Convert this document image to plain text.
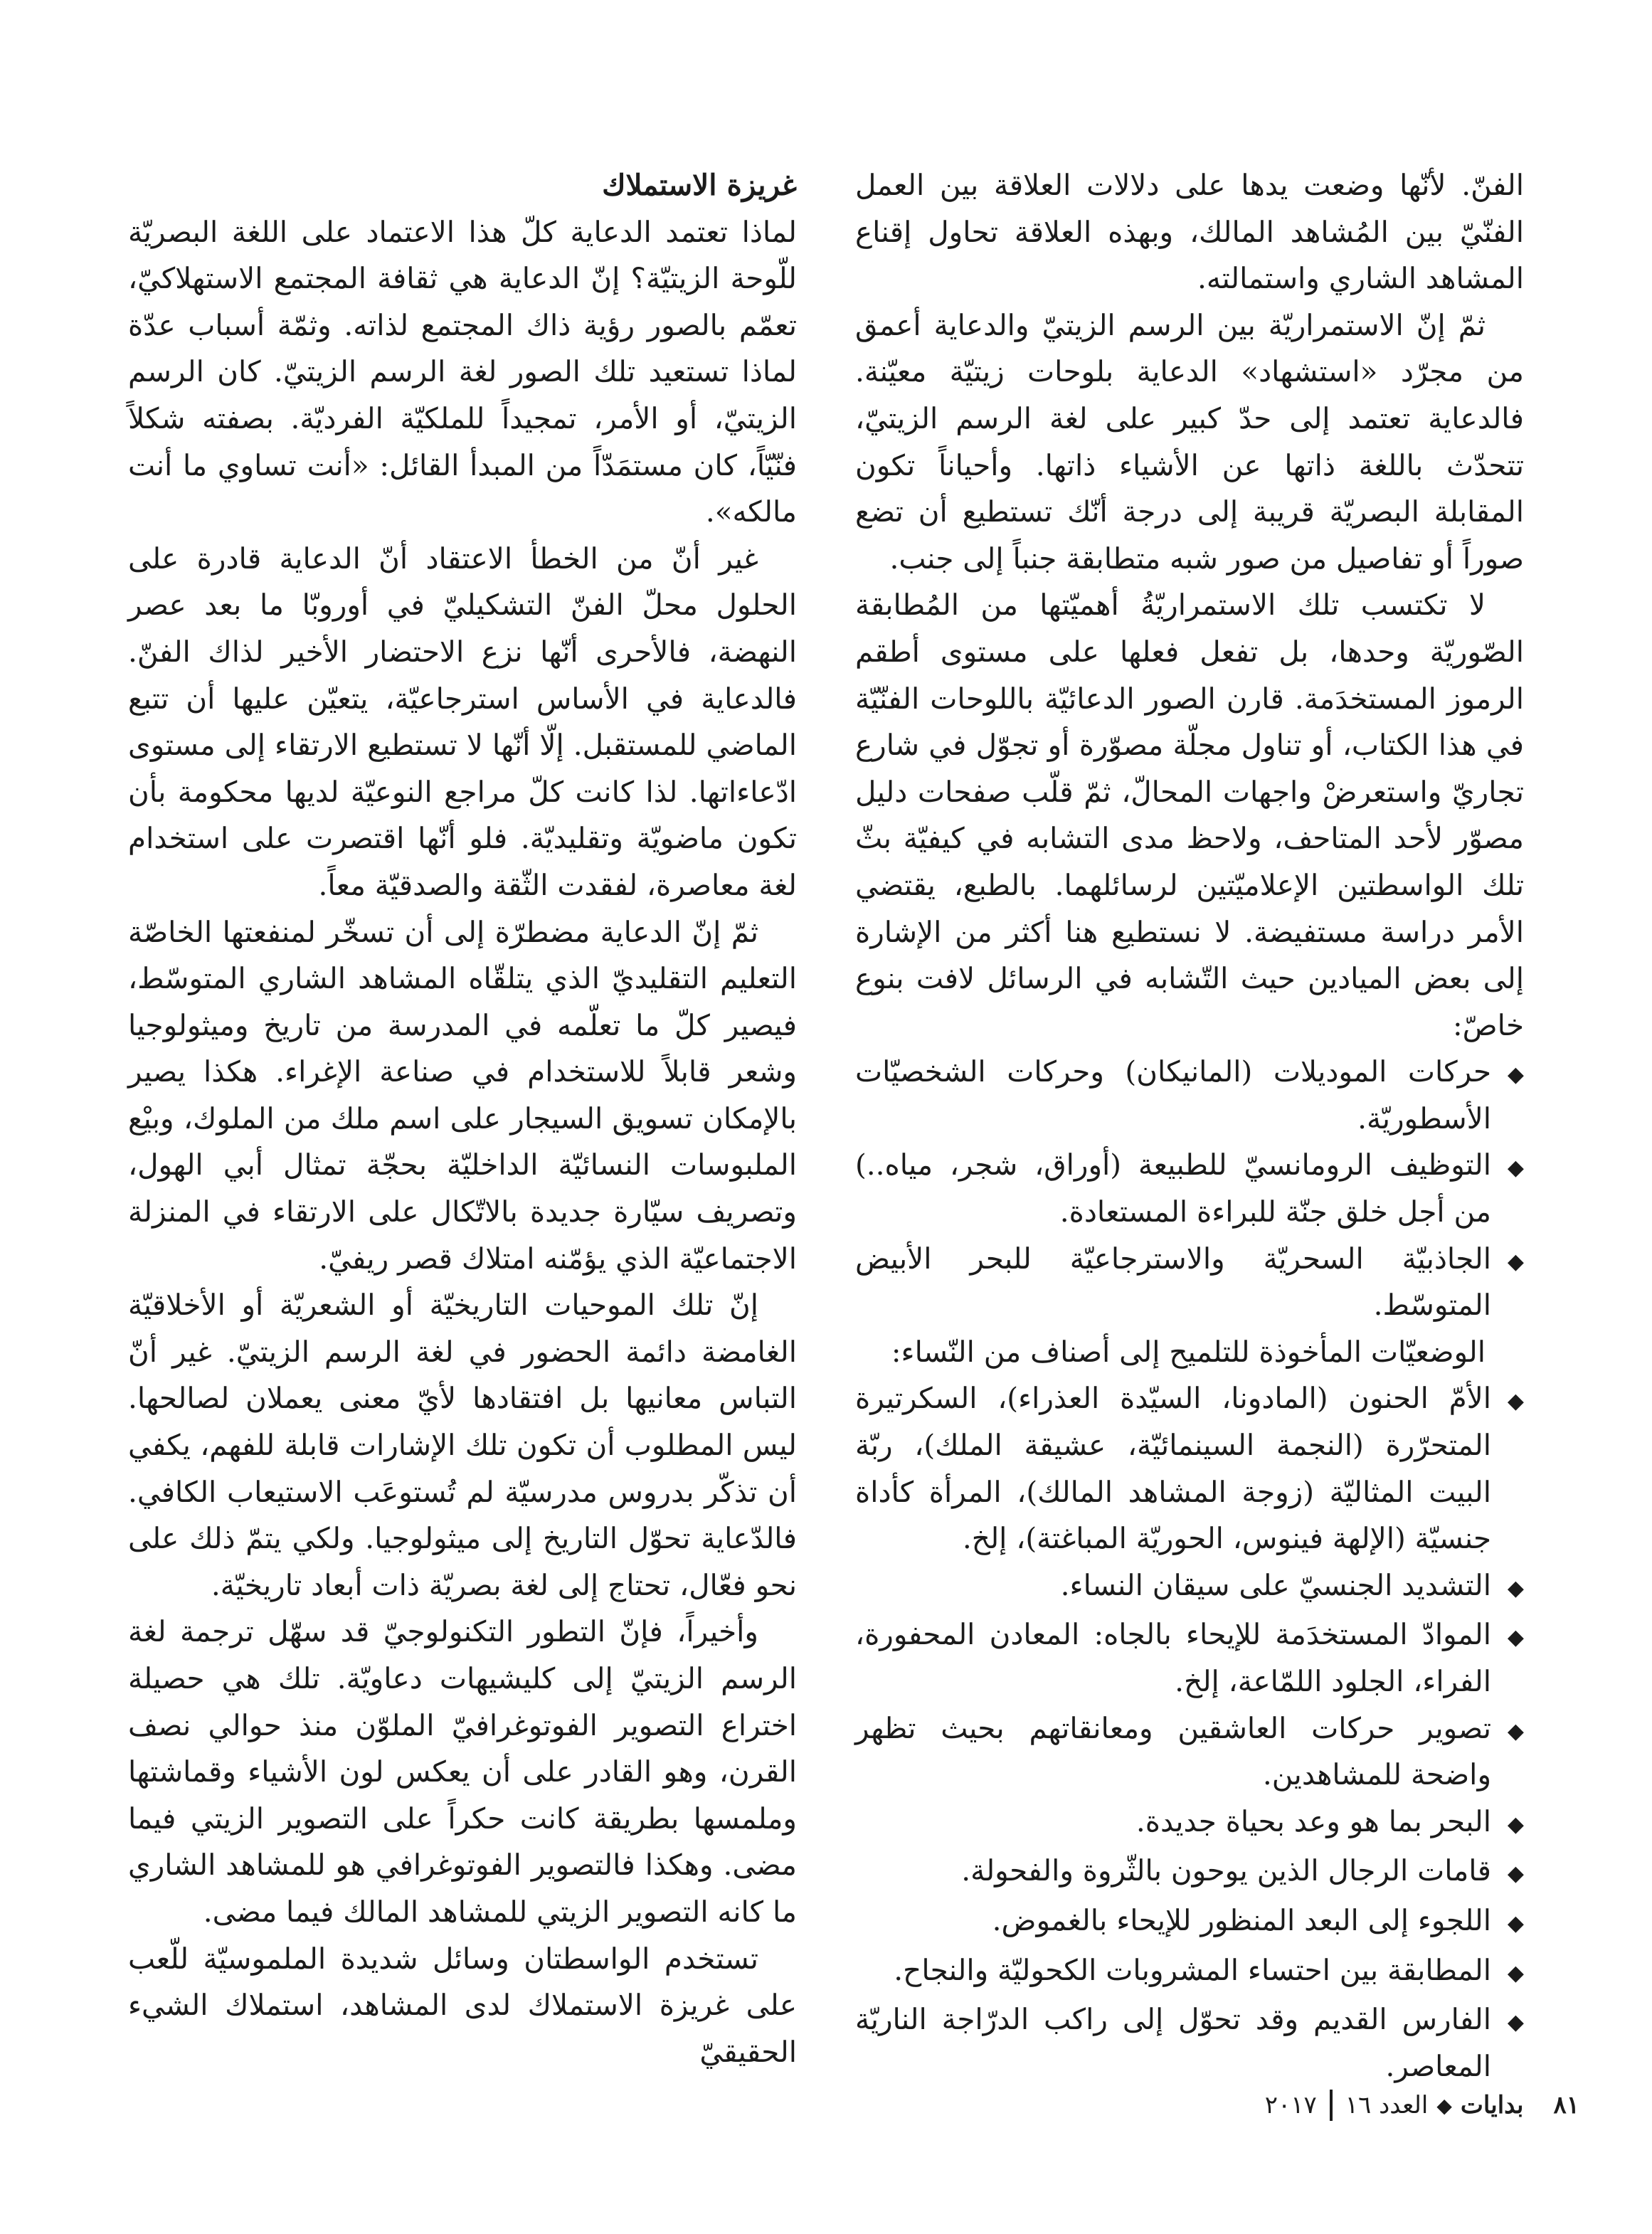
الفنّ. لأنّها وضعت يدها على دلالات العلاقة بين العمل الفنّيّ بين المُشاهد المالك، وبهذه العلاقة تحاول إقناع المشاهد الشاري واستمالته.

ثمّ إنّ الاستمراريّة بين الرسم الزيتيّ والدعاية أعمق من مجرّد «استشهاد» الدعاية بلوحات زيتيّة معيّنة. فالدعاية تعتمد إلى حدّ كبير على لغة الرسم الزيتيّ، تتحدّث باللغة ذاتها عن الأشياء ذاتها. وأحياناً تكون المقابلة البصريّة قريبة إلى درجة أنّك تستطيع أن تضع صوراً أو تفاصيل من صور شبه متطابقة جنباً إلى جنب.

لا تكتسب تلك الاستمراريّةُ أهميّتها من المُطابقة الصّوريّة وحدها، بل تفعل فعلها على مستوى أطقم الرموز المستخدَمة. قارن الصور الدعائيّة باللوحات الفنّيّة في هذا الكتاب، أو تناول مجلّة مصوّرة أو تجوّل في شارع تجاريّ واستعرضْ واجهات المحالّ، ثمّ قلّب صفحات دليل مصوّر لأحد المتاحف، ولاحظ مدى التشابه في كيفيّة بثّ تلك الواسطتين الإعلاميّتين لرسائلهما. بالطبع، يقتضي الأمر دراسة مستفيضة. لا نستطيع هنا أكثر من الإشارة إلى بعض الميادين حيث التّشابه في الرسائل لافت بنوع خاصّ:

◆
حركات الموديلات (المانيكان) وحركات الشخصيّات الأسطوريّة.
◆
التوظيف الرومانسيّ للطبيعة (أوراق، شجر، مياه..) من أجل خلق جنّة للبراءة المستعادة.
◆
الجاذبيّة السحريّة والاسترجاعيّة للبحر الأبيض المتوسّط.

الوضعيّات المأخوذة للتلميح إلى أصناف من النّساء:

◆
الأمّ الحنون (المادونا، السيّدة العذراء)، السكرتيرة المتحرّرة (النجمة السينمائيّة، عشيقة الملك)، ربّة البيت المثاليّة (زوجة المشاهد المالك)، المرأة كأداة جنسيّة (الإلهة فينوس، الحوريّة المباغتة)، إلخ.
◆
التشديد الجنسيّ على سيقان النساء.
◆
الموادّ المستخدَمة للإيحاء بالجاه: المعادن المحفورة، الفراء، الجلود اللمّاعة، إلخ.
◆
تصوير حركات العاشقين ومعانقاتهم بحيث تظهر واضحة للمشاهدين.
◆
البحر بما هو وعد بحياة جديدة.
◆
قامات الرجال الذين يوحون بالثّروة والفحولة.
◆
اللجوء إلى البعد المنظور للإيحاء بالغموض.
◆
المطابقة بين احتساء المشروبات الكحوليّة والنجاح.
◆
الفارس القديم وقد تحوّل إلى راكب الدرّاجة الناريّة المعاصر.

غريزة الاستملاك

لماذا تعتمد الدعاية كلّ هذا الاعتماد على اللغة البصريّة للّوحة الزيتيّة؟ إنّ الدعاية هي ثقافة المجتمع الاستهلاكيّ، تعمّم بالصور رؤية ذاك المجتمع لذاته. وثمّة أسباب عدّة لماذا تستعيد تلك الصور لغة الرسم الزيتيّ. كان الرسم الزيتيّ، أو الأمر، تمجيداً للملكيّة الفرديّة. بصفته شكلاً فنّيّاً، كان مستمَدّاً من المبدأ القائل: «أنت تساوي ما أنت مالكه».

غير أنّ من الخطأ الاعتقاد أنّ الدعاية قادرة على الحلول محلّ الفنّ التشكيليّ في أوروبّا ما بعد عصر النهضة، فالأحرى أنّها نزع الاحتضار الأخير لذاك الفنّ. فالدعاية في الأساس استرجاعيّة، يتعيّن عليها أن تتبع الماضي للمستقبل. إلّا أنّها لا تستطيع الارتقاء إلى مستوى ادّعاءاتها. لذا كانت كلّ مراجع النوعيّة لديها محكومة بأن تكون ماضويّة وتقليديّة. فلو أنّها اقتصرت على استخدام لغة معاصرة، لفقدت الثّقة والصدقيّة معاً.

ثمّ إنّ الدعاية مضطرّة إلى أن تسخّر لمنفعتها الخاصّة التعليم التقليديّ الذي يتلقّاه المشاهد الشاري المتوسّط، فيصير كلّ ما تعلّمه في المدرسة من تاريخ وميثولوجيا وشعر قابلاً للاستخدام في صناعة الإغراء. هكذا يصير بالإمكان تسويق السيجار على اسم ملك من الملوك، وبيْع الملبوسات النسائيّة الداخليّة بحجّة تمثال أبي الهول، وتصريف سيّارة جديدة بالاتّكال على الارتقاء في المنزلة الاجتماعيّة الذي يؤمّنه امتلاك قصر ريفيّ.

إنّ تلك الموحيات التاريخيّة أو الشعريّة أو الأخلاقيّة الغامضة دائمة الحضور في لغة الرسم الزيتيّ. غير أنّ التباس معانيها بل افتقادها لأيّ معنى يعملان لصالحها. ليس المطلوب أن تكون تلك الإشارات قابلة للفهم، يكفي أن تذكّر بدروس مدرسيّة لم تُستوعَب الاستيعاب الكافي. فالدّعاية تحوّل التاريخ إلى ميثولوجيا. ولكي يتمّ ذلك على نحو فعّال، تحتاج إلى لغة بصريّة ذات أبعاد تاريخيّة.

وأخيراً، فإنّ التطور التكنولوجيّ قد سهّل ترجمة لغة الرسم الزيتيّ إلى كليشيهات دعاويّة. تلك هي حصيلة اختراع التصوير الفوتوغرافيّ الملوّن منذ حوالي نصف القرن، وهو القادر على أن يعكس لون الأشياء وقماشتها وملمسها بطريقة كانت حكراً على التصوير الزيتي فيما مضى. وهكذا فالتصوير الفوتوغرافي هو للمشاهد الشاري ما كانه التصوير الزيتي للمشاهد المالك فيما مضى.

تستخدم الواسطتان وسائل شديدة الملموسيّة للّعب على غريزة الاستملاك لدى المشاهد، استملاك الشيء الحقيقيّ

٨١
بدايات
◆
العدد ١٦
٢٠١٧
